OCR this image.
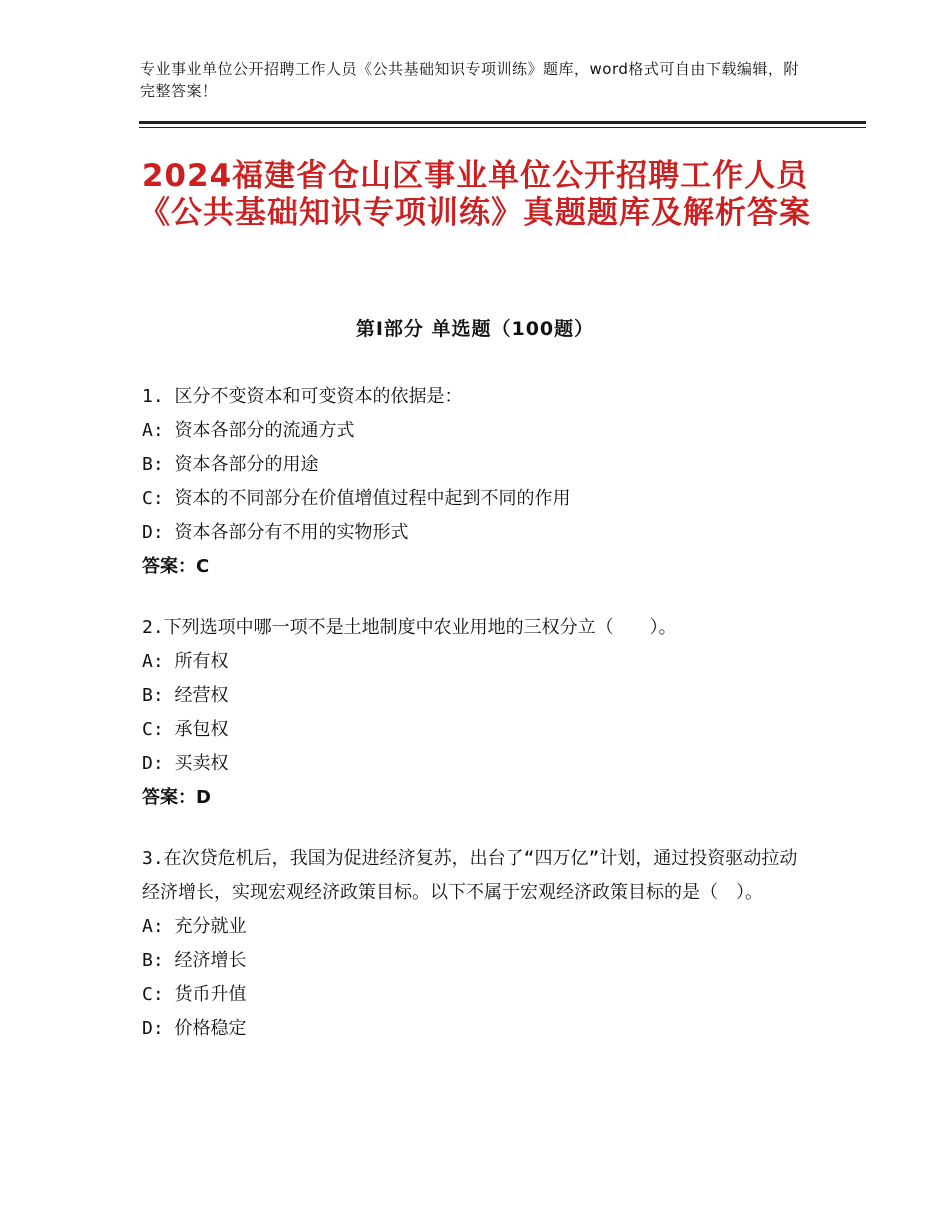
专业事业单位公开招聘工作人员《公共基础知识专项训练》题库，word格式可自由下载编辑，附完整答案！
2024福建省仓山区事业单位公开招聘工作人员《公共基础知识专项训练》真题题库及解析答案
第Ⅰ部分 单选题（100题）
1. 区分不变资本和可变资本的依据是：
A: 资本各部分的流通方式
B: 资本各部分的用途
C: 资本的不同部分在价值增值过程中起到不同的作用
D: 资本各部分有不用的实物形式
答案：C
2.下列选项中哪一项不是土地制度中农业用地的三权分立（　　）。
A: 所有权
B: 经营权
C: 承包权
D: 买卖权
答案：D
3.在次贷危机后，我国为促进经济复苏，出台了“四万亿”计划，通过投资驱动拉动经济增长，实现宏观经济政策目标。以下不属于宏观经济政策目标的是（　）。
A: 充分就业
B: 经济增长
C: 货币升值
D: 价格稳定
